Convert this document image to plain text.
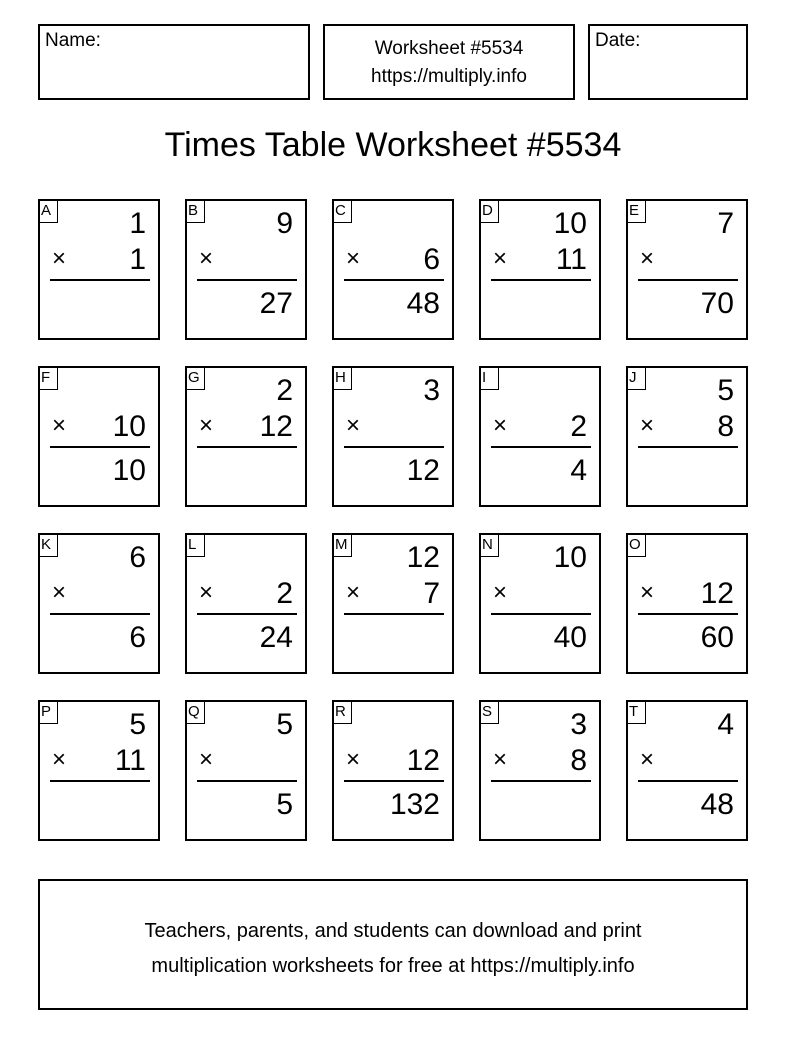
Name:	Worksheet #5534
https://multiply.info
Date:
Times Table Worksheet #5534
A	1
× 1
B	9
×
27
C
× 6
48
D 10
× 11
E	7
×
70
F
× 10
10
G	2
× 12
H	3
×
12
I
× 2
4
J	5
× 8
K	6
×
6
L
× 2
24
M 12
× 7
N 10
×
40
O
× 12
60
P	5
× 11
Q	5
×
5
R
× 12
132
S	3
× 8
T	4
×
48
Teachers, parents, and students can download and print
multiplication worksheets for free at https://multiply.info
